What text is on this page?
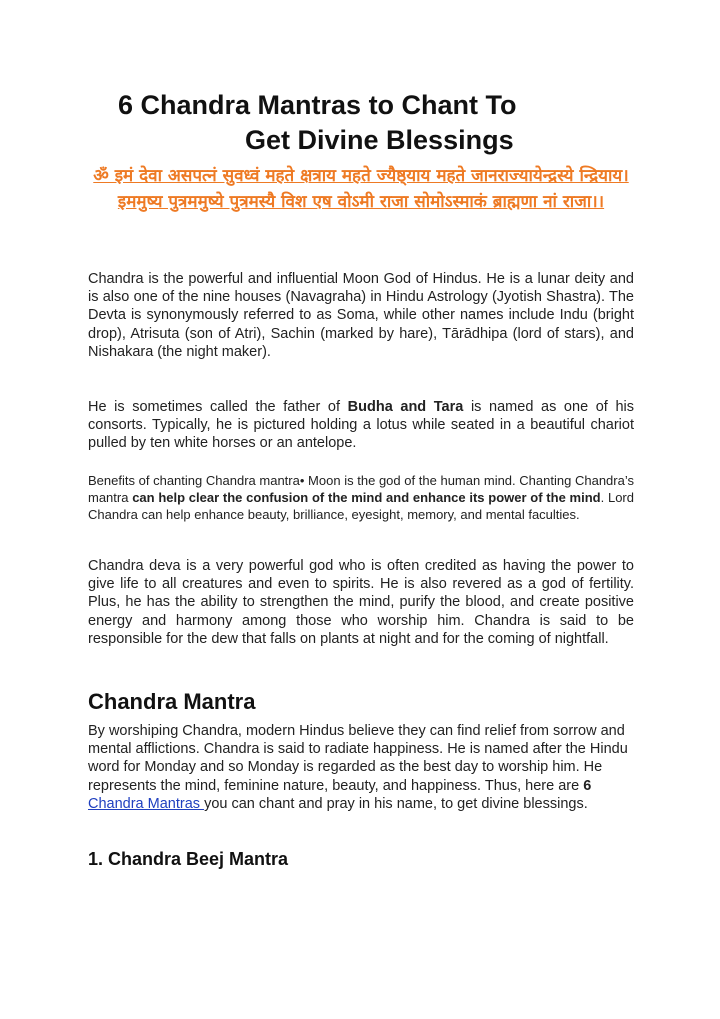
6 Chandra Mantras to Chant To
Get Divine Blessings

ॐ इमं देवा असपत्नं सुवध्वं महते क्षत्राय महते ज्यैष्ठ्याय महते जानराज्यायेन्द्रस्ये न्द्रियाय। इममुष्य पुत्रममुष्ये पुत्रमस्यै विश एष वोऽमी राजा सोमोऽस्माकं ब्राह्मणा नां राजा।।

Chandra is the powerful and influential Moon God of Hindus. He is a lunar deity and is also one of the nine houses (Navagraha) in Hindu Astrology (Jyotish Shastra). The Devta is synonymously referred to as Soma, while other names include Indu (bright drop), Atrisuta (son of Atri), Sachin (marked by hare), Tārādhipa (lord of stars), and Nishakara (the night maker).

He is sometimes called the father of Budha and Tara is named as one of his consorts. Typically, he is pictured holding a lotus while seated in a beautiful chariot pulled by ten white horses or an antelope.

Benefits of chanting Chandra mantra• Moon is the god of the human mind. Chanting Chandra’s mantra can help clear the confusion of the mind and enhance its power of the mind. Lord Chandra can help enhance beauty, brilliance, eyesight, memory, and mental faculties.

Chandra deva is a very powerful god who is often credited as having the power to give life to all creatures and even to spirits. He is also revered as a god of fertility. Plus, he has the ability to strengthen the mind, purify the blood, and create positive energy and harmony among those who worship him. Chandra is said to be responsible for the dew that falls on plants at night and for the coming of nightfall.

Chandra Mantra

By worshiping Chandra, modern Hindus believe they can find relief from sorrow and mental afflictions. Chandra is said to radiate happiness. He is named after the Hindu word for Monday and so Monday is regarded as the best day to worship him. He represents the mind, feminine nature, beauty, and happiness. Thus, here are 6 Chandra Mantras you can chant and pray in his name, to get divine blessings.

1. Chandra Beej Mantra
